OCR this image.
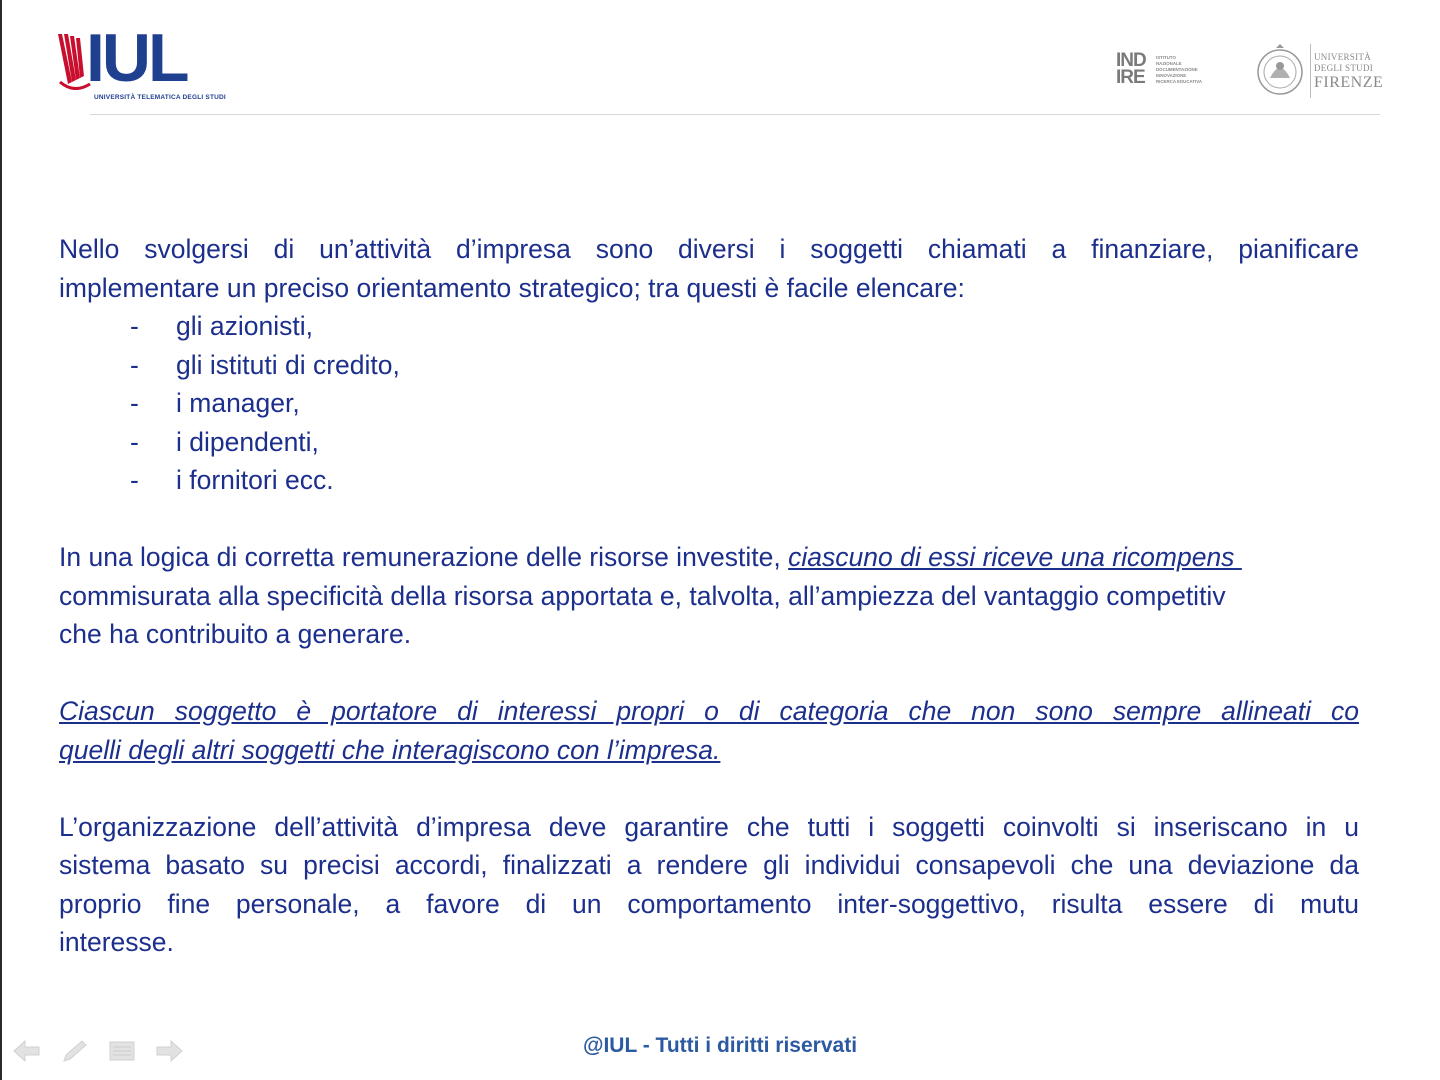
IUL
UNIVERSITÀ TELEMATICA DEGLI STUDI
IND
IRE
ISTITUTO
NAZIONALE
DOCUMENTAZIONE
INNOVAZIONE
RICERCA EDUCATIVA
UNIVERSITÀ
DEGLI STUDI
FIRENZE

Nello svolgersi di un’attività d’impresa sono diversi i soggetti chiamati a finanziare, pianificare

implementare un preciso orientamento strategico; tra questi è facile elencare:

- gli azionisti,
- gli istituti di credito,
- i manager,
- i dipendenti,
- i fornitori ecc.

In una logica di corretta remunerazione delle risorse investite, ciascuno di essi riceve una ricompens

commisurata alla specificità della risorsa apportata e, talvolta, all’ampiezza del vantaggio competitiv

che ha contribuito a generare.

Ciascun soggetto è portatore di interessi propri o di categoria che non sono sempre allineati co

quelli degli altri soggetti che interagiscono con l’impresa.

L’organizzazione dell’attività d’impresa deve garantire che tutti i soggetti coinvolti si inseriscano in u

sistema basato su precisi accordi, finalizzati a rendere gli individui consapevoli che una deviazione da

proprio fine personale, a favore di un comportamento inter-soggettivo, risulta essere di mutu

interesse.

@IUL - Tutti i diritti riservati
